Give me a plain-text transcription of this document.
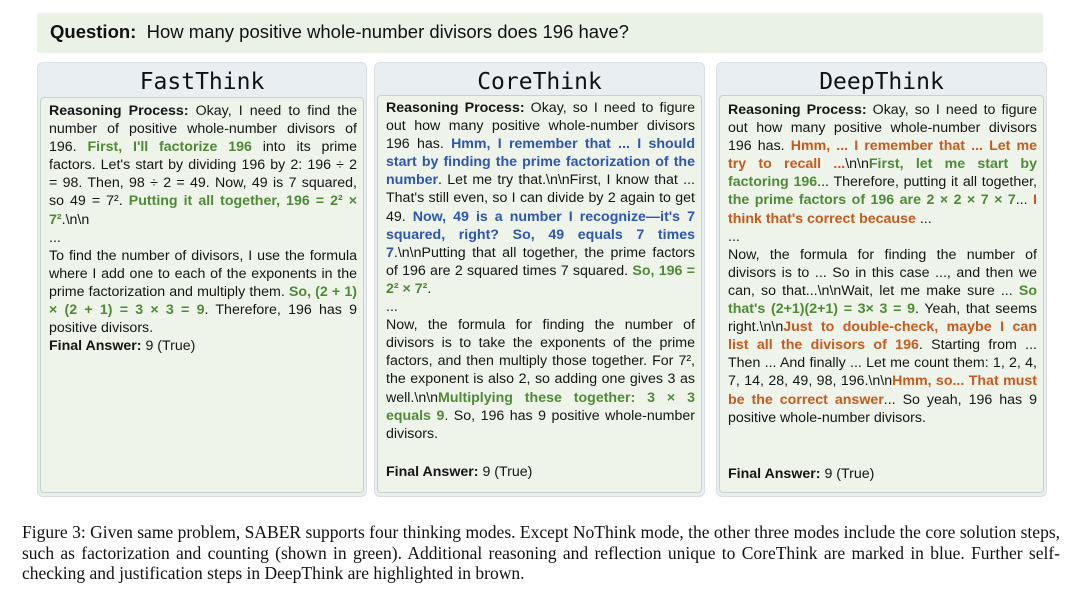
Question: How many positive whole-number divisors does 196 have?
FastThink
Reasoning Process: Okay, I need to find the number of positive whole-number divisors of 196. First, I'll factorize 196 into its prime factors. Let's start by dividing 196 by 2: 196 ÷ 2 = 98. Then, 98 ÷ 2 = 49. Now, 49 is 7 squared, so 49 = 7². Putting it all together, 196 = 2² × 7².\n\n
...
To find the number of divisors, I use the formula where I add one to each of the exponents in the prime factorization and multiply them. So, (2 + 1) × (2 + 1) = 3 × 3 = 9. Therefore, 196 has 9 positive divisors.
Final Answer: 9 (True)
CoreThink
Reasoning Process: Okay, so I need to figure out how many positive whole-number divisors 196 has. Hmm, I remember that ... I should start by finding the prime factorization of the number. Let me try that.\n\nFirst, I know that ... That's still even, so I can divide by 2 again to get 49. Now, 49 is a number I recognize—it's 7 squared, right? So, 49 equals 7 times 7.\n\nPutting that all together, the prime factors of 196 are 2 squared times 7 squared. So, 196 = 2² × 7².
...
Now, the formula for finding the number of divisors is to take the exponents of the prime factors, and then multiply those together. For 7², the exponent is also 2, so adding one gives 3 as well.\n\nMultiplying these together: 3 × 3 equals 9. So, 196 has 9 positive whole-number divisors.
Final Answer: 9 (True)
DeepThink
Reasoning Process: Okay, so I need to figure out how many positive whole-number divisors 196 has. Hmm, ... I remember that ... Let me try to recall ...\n\nFirst, let me start by factoring 196... Therefore, putting it all together, the prime factors of 196 are 2 × 2 × 7 × 7... I think that's correct because ...
...
Now, the formula for finding the number of divisors is to ... So in this case ..., and then we can, so that...\n\nWait, let me make sure ... So that's (2+1)(2+1) = 3× 3 = 9. Yeah, that seems right.\n\nJust to double-check, maybe I can list all the divisors of 196. Starting from ... Then ... And finally ... Let me count them: 1, 2, 4, 7, 14, 28, 49, 98, 196.\n\nHmm, so... That must be the correct answer... So yeah, 196 has 9 positive whole-number divisors.
Final Answer: 9 (True)
Figure 3: Given same problem, SABER supports four thinking modes. Except NoThink mode, the other three modes include the core solution steps, such as factorization and counting (shown in green). Additional reasoning and reflection unique to CoreThink are marked in blue. Further self-checking and justification steps in DeepThink are highlighted in brown.
